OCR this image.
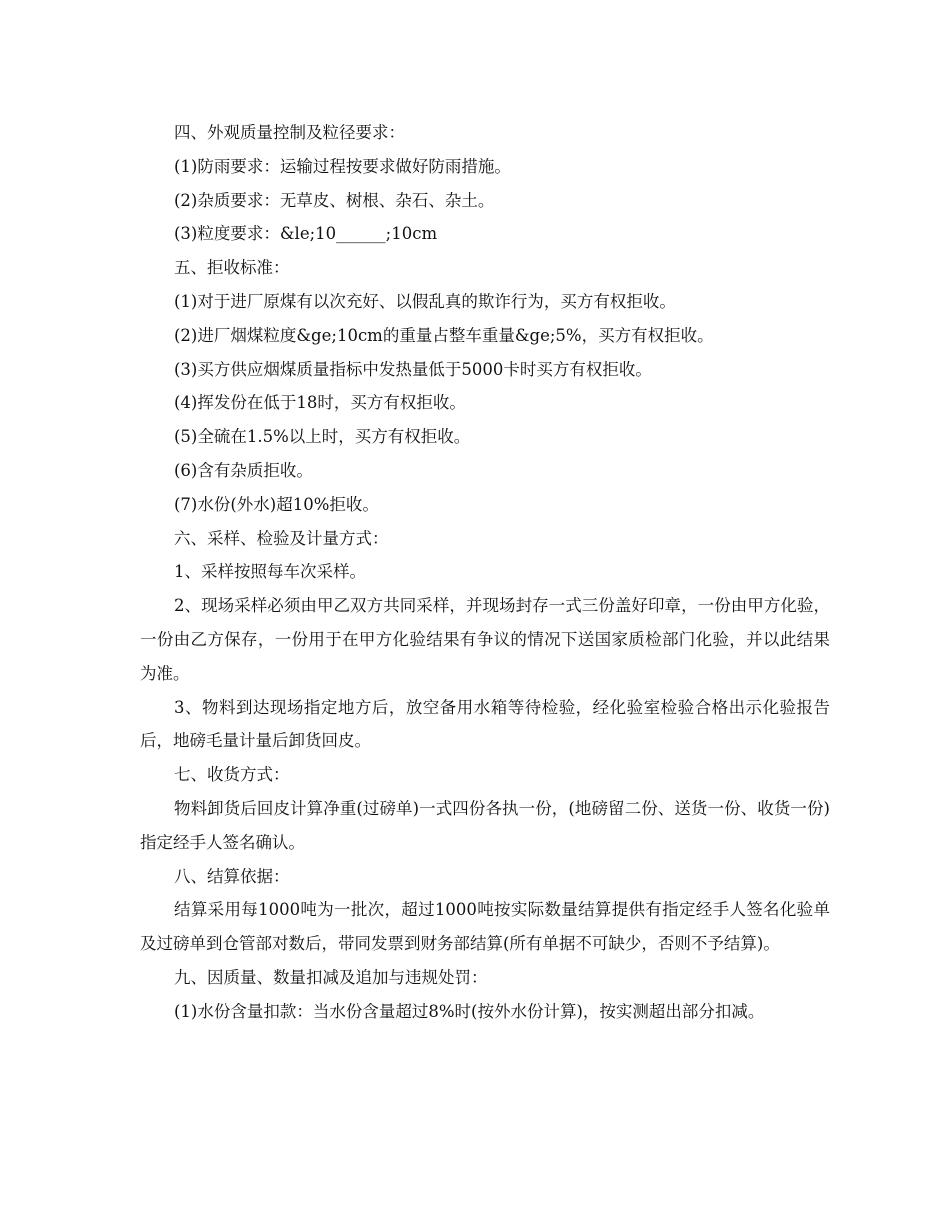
四、外观质量控制及粒径要求：

(1)防雨要求：运输过程按要求做好防雨措施。

(2)杂质要求：无草皮、树根、杂石、杂土。

(3)粒度要求：&le;10______;10cm

五、拒收标准：

(1)对于进厂原煤有以次充好、以假乱真的欺诈行为，买方有权拒收。

(2)进厂烟煤粒度&ge;10cm的重量占整车重量&ge;5%，买方有权拒收。

(3)买方供应烟煤质量指标中发热量低于5000卡时买方有权拒收。

(4)挥发份在低于18时，买方有权拒收。

(5)全硫在1.5%以上时，买方有权拒收。

(6)含有杂质拒收。

(7)水份(外水)超10%拒收。

六、采样、检验及计量方式：

1、采样按照每车次采样。

2、现场采样必须由甲乙双方共同采样，并现场封存一式三份盖好印章，一份由甲方化验，一份由乙方保存，一份用于在甲方化验结果有争议的情况下送国家质检部门化验，并以此结果为准。

3、物料到达现场指定地方后，放空备用水箱等待检验，经化验室检验合格出示化验报告后，地磅毛量计量后卸货回皮。

七、收货方式：

物料卸货后回皮计算净重(过磅单)一式四份各执一份，(地磅留二份、送货一份、收货一份)指定经手人签名确认。

八、结算依据：

结算采用每1000吨为一批次，超过1000吨按实际数量结算提供有指定经手人签名化验单及过磅单到仓管部对数后，带同发票到财务部结算(所有单据不可缺少，否则不予结算)。

九、因质量、数量扣减及追加与违规处罚：

(1)水份含量扣款：当水份含量超过8%时(按外水份计算)，按实测超出部分扣减。
